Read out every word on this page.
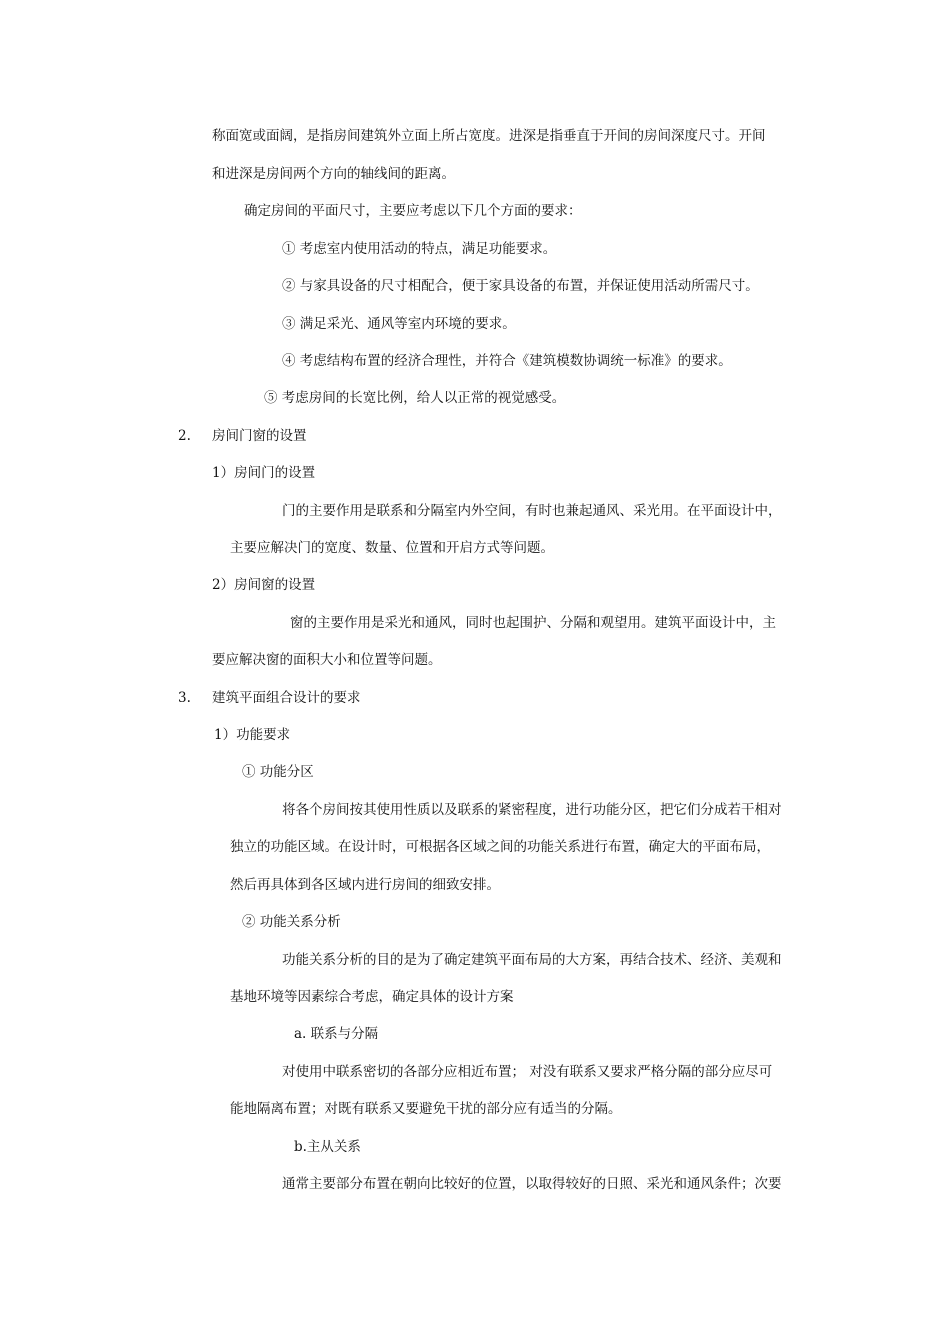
称面宽或面阔，是指房间建筑外立面上所占宽度。进深是指垂直于开间的房间深度尺寸。开间
和进深是房间两个方向的轴线间的距离。
确定房间的平面尺寸，主要应考虑以下几个方面的要求：
① 考虑室内使用活动的特点，满足功能要求。
② 与家具设备的尺寸相配合，便于家具设备的布置，并保证使用活动所需尺寸。
③ 满足采光、通风等室内环境的要求。
④ 考虑结构布置的经济合理性，并符合《建筑模数协调统一标准》的要求。
⑤ 考虑房间的长宽比例，给人以正常的视觉感受。
2. 房间门窗的设置
1）房间门的设置
门的主要作用是联系和分隔室内外空间，有时也兼起通风、采光用。在平面设计中，
主要应解决门的宽度、数量、位置和开启方式等问题。
2）房间窗的设置
窗的主要作用是采光和通风，同时也起围护、分隔和观望用。建筑平面设计中，主
要应解决窗的面积大小和位置等问题。
3. 建筑平面组合设计的要求
1）功能要求
① 功能分区
将各个房间按其使用性质以及联系的紧密程度，进行功能分区，把它们分成若干相对
独立的功能区域。在设计时，可根据各区域之间的功能关系进行布置，确定大的平面布局，
然后再具体到各区域内进行房间的细致安排。
② 功能关系分析
功能关系分析的目的是为了确定建筑平面布局的大方案，再结合技术、经济、美观和
基地环境等因素综合考虑，确定具体的设计方案
a. 联系与分隔
对使用中联系密切的各部分应相近布置； 对没有联系又要求严格分隔的部分应尽可
能地隔离布置；对既有联系又要避免干扰的部分应有适当的分隔。
b.主从关系
通常主要部分布置在朝向比较好的位置，以取得较好的日照、采光和通风条件；次要
